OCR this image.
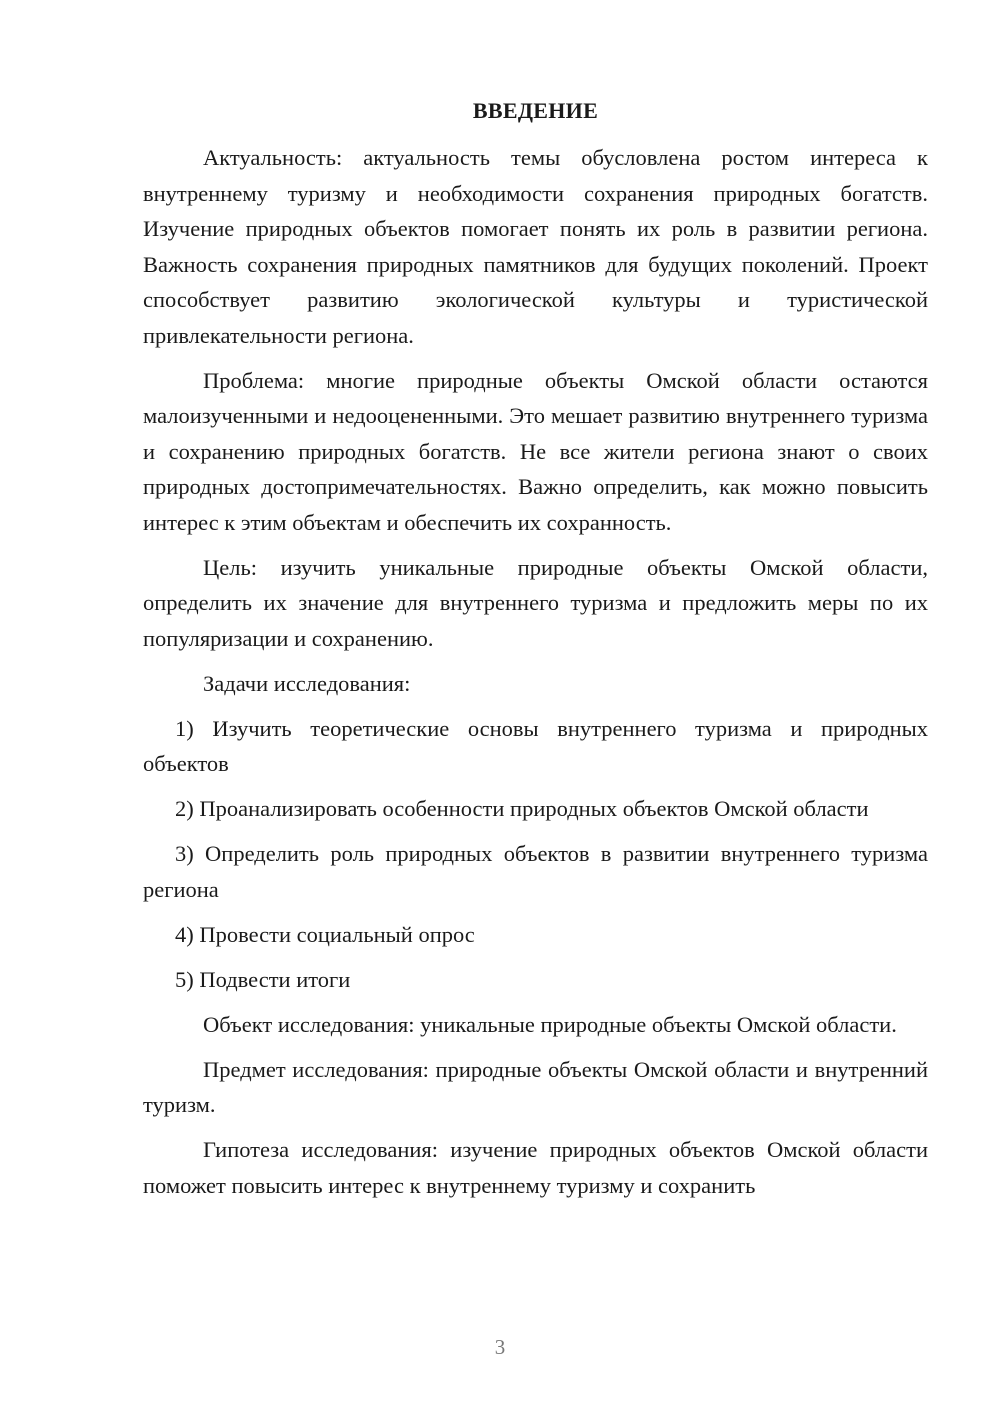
ВВЕДЕНИЕ

Актуальность: актуальность темы обусловлена ростом интереса к внутреннему туризму и необходимости сохранения природных богатств. Изучение природных объектов помогает понять их роль в развитии региона. Важность сохранения природных памятников для будущих поколений. Проект способствует развитию экологической культуры и туристической привлекательности региона.

Проблема: многие природные объекты Омской области остаются малоизученными и недооцененными. Это мешает развитию внутреннего туризма и сохранению природных богатств. Не все жители региона знают о своих природных достопримечательностях. Важно определить, как можно повысить интерес к этим объектам и обеспечить их сохранность.

Цель: изучить уникальные природные объекты Омской области, определить их значение для внутреннего туризма и предложить меры по их популяризации и сохранению.

Задачи исследования:

1) Изучить теоретические основы внутреннего туризма и природных объектов

2) Проанализировать особенности природных объектов Омской области

3) Определить роль природных объектов в развитии внутреннего туризма региона

4) Провести социальный опрос

5) Подвести итоги

Объект исследования: уникальные природные объекты Омской области.

Предмет исследования: природные объекты Омской области и внутренний туризм.

Гипотеза исследования: изучение природных объектов Омской области поможет повысить интерес к внутреннему туризму и сохранить

3
